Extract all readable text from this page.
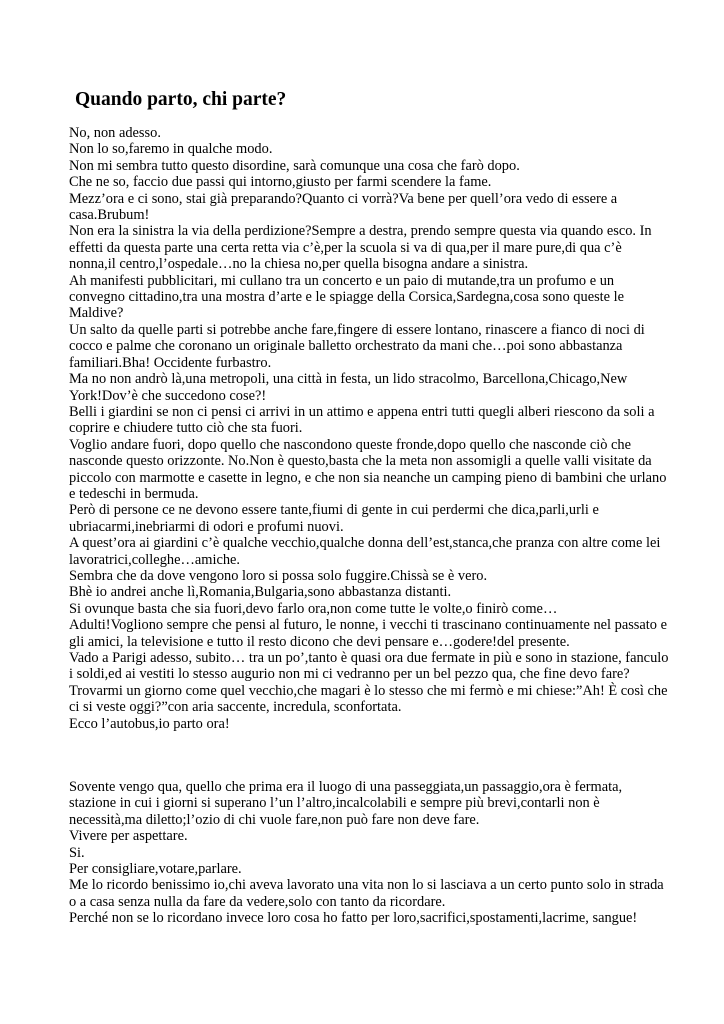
Quando parto, chi parte?

No, non adesso.

Non lo so,faremo in qualche modo.

Non mi sembra tutto questo disordine, sarà comunque una cosa che farò dopo.

Che ne so, faccio due passi qui intorno,giusto per farmi scendere la fame.

Mezz’ora e ci sono, stai già preparando?Quanto ci vorrà?Va bene per quell’ora vedo di essere a casa.Brubum!

Non era la sinistra la via della perdizione?Sempre a destra, prendo sempre questa via quando esco. In effetti da questa parte una certa retta via c’è,per la scuola si va di qua,per il mare pure,di qua c’è nonna,il centro,l’ospedale…no la chiesa no,per quella bisogna andare a sinistra.

Ah manifesti pubblicitari, mi cullano tra un concerto e un paio di mutande,tra un profumo e un convegno cittadino,tra una mostra d’arte e le spiagge della Corsica,Sardegna,cosa sono queste le Maldive?

Un salto da quelle parti si potrebbe anche fare,fingere di essere lontano, rinascere a fianco di noci di cocco e palme che coronano un originale balletto orchestrato da mani che…poi sono abbastanza familiari.Bha! Occidente furbastro.

Ma no non andrò là,una metropoli, una città in festa, un lido stracolmo, Barcellona,Chicago,New York!Dov’è che succedono cose?!

Belli i giardini se non ci pensi ci arrivi in un attimo e appena entri tutti quegli alberi riescono da soli a coprire e chiudere tutto ciò che sta fuori.

Voglio andare fuori, dopo quello che nascondono queste fronde,dopo quello che nasconde ciò che nasconde questo orizzonte. No.Non è questo,basta che la meta non assomigli a quelle valli visitate da piccolo con marmotte e casette in legno, e che non sia neanche un camping pieno di bambini che urlano e tedeschi in bermuda.

Però di persone ce ne devono essere tante,fiumi di gente in cui perdermi che dica,parli,urli e ubriacarmi,inebriarmi di odori e profumi nuovi.

A quest’ora ai giardini c’è qualche vecchio,qualche donna dell’est,stanca,che pranza con altre come lei lavoratrici,colleghe…amiche.

Sembra che da dove vengono loro si possa solo fuggire.Chissà se è vero.

Bhè io andrei anche lì,Romania,Bulgaria,sono abbastanza distanti.

Si ovunque basta che sia fuori,devo farlo ora,non come tutte le volte,o finirò come…

Adulti!Vogliono sempre che pensi al futuro, le nonne, i vecchi ti trascinano continuamente nel passato e gli amici, la televisione e tutto il resto dicono che devi pensare e…godere!del presente.

Vado a Parigi adesso, subito… tra un po’,tanto è quasi ora due fermate in più e sono in stazione, fanculo i soldi,ed ai vestiti lo stesso augurio non mi ci vedranno per un bel pezzo qua, che fine devo fare?Trovarmi un giorno come quel vecchio,che magari è lo stesso che mi fermò e mi chiese:”Ah! È così che ci si veste oggi?”con aria saccente, incredula, sconfortata.

Ecco l’autobus,io parto ora!

Sovente vengo qua, quello che prima era il luogo di una passeggiata,un passaggio,ora è fermata, stazione in cui i giorni si superano l’un l’altro,incalcolabili e sempre più brevi,contarli non è necessità,ma diletto;l’ozio di chi vuole fare,non può fare non deve fare.

Vivere per aspettare.

Si.

Per consigliare,votare,parlare.

Me lo ricordo benissimo io,chi aveva lavorato una vita non lo si lasciava a un certo punto solo in strada o a casa senza nulla da fare da vedere,solo con tanto da ricordare.

Perché non se lo ricordano invece loro cosa ho fatto per loro,sacrifici,spostamenti,lacrime, sangue!
